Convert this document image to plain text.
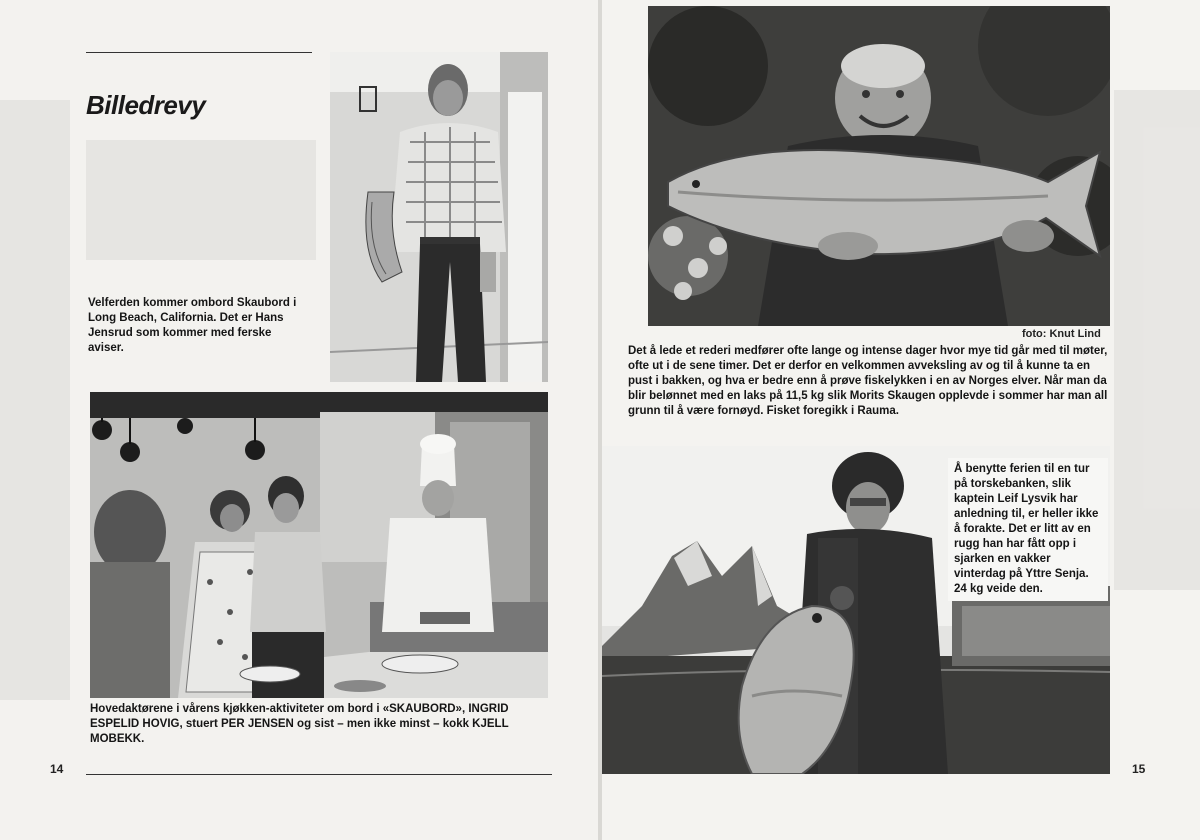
Billedrevy

Velferden kommer ombord Skaubord i Long Beach, California. Det er Hans Jensrud som kommer med ferske aviser.

Hovedaktørene i vårens kjøkken-aktiviteter om bord i «SKAUBORD», INGRID ESPELID HOVIG, stuert PER JENSEN og sist – men ikke minst – kokk KJELL MOBEKK.

14
foto: Knut Lind

Det å lede et rederi medfører ofte lange og intense dager hvor mye tid går med til møter, ofte ut i de sene timer. Det er derfor en velkommen avveksling av og til å kunne ta en pust i bakken, og hva er bedre enn å prøve fiskelykken i en av Norges elver. Når man da blir belønnet med en laks på 11,5 kg slik Morits Skaugen opplevde i sommer har man all grunn til å være fornøyd. Fisket foregikk i Rauma.

Å benytte ferien til en tur på torskebanken, slik kaptein Leif Lysvik har anledning til, er heller ikke å forakte. Det er litt av en rugg han har fått opp i sjarken en vakker vinterdag på Yttre Senja. 24 kg veide den.

15
